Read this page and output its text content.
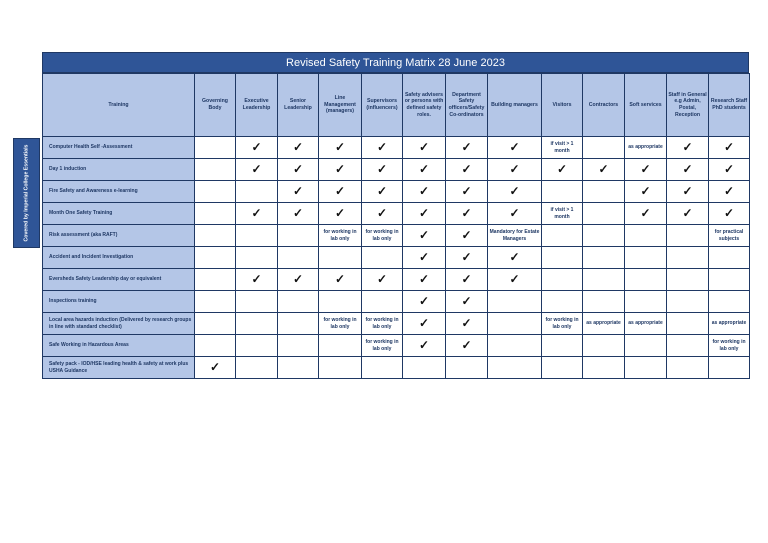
Covered by Imperial College Essentials
Revised Safety Training Matrix 28 June 2023
Training	Governing Body	Executive Leadership	Senior Leadership	Line Management (managers)	Supervisors (influencers)	Safety advisers or persons with defined safety roles.	Department Safety officers/Safety Co-ordinators	Building managers	Visitors	Contractors	Soft services	Staff in General e.g Admin, Postal, Reception	Research Staff PhD students
Computer Health Self -Assessment		✓	✓	✓	✓	✓	✓	✓	if visit > 1 month		as appropriate	✓	✓
Day 1 induction		✓	✓	✓	✓	✓	✓	✓	✓	✓	✓	✓	✓
Fire Safety and Awareness e-learning			✓	✓	✓	✓	✓	✓			✓	✓	✓
Month One Safety Training		✓	✓	✓	✓	✓	✓	✓	if visit > 1 month		✓	✓	✓
Risk assessment (aka RAFT)				for working in lab only	for working in lab only	✓	✓	Mandatory for Estate Managers					for practical subjects
Accident and Incident Investigation						✓	✓	✓					
Eversheds Safety Leadership day or equivalent		✓	✓	✓	✓	✓	✓	✓					
Inspections training						✓	✓						
Local area hazards induction (Delivered by research groups in line with standard checklist)				for working in lab only	for working in lab only	✓	✓		for working in lab only	as appropriate	as appropriate		as appropriate
Safe Working in Hazardous Areas					for working in lab only	✓	✓						for working in lab only
Safety pack - IOD/HSE leading health & safety at work plus USHA Guidance	✓												
